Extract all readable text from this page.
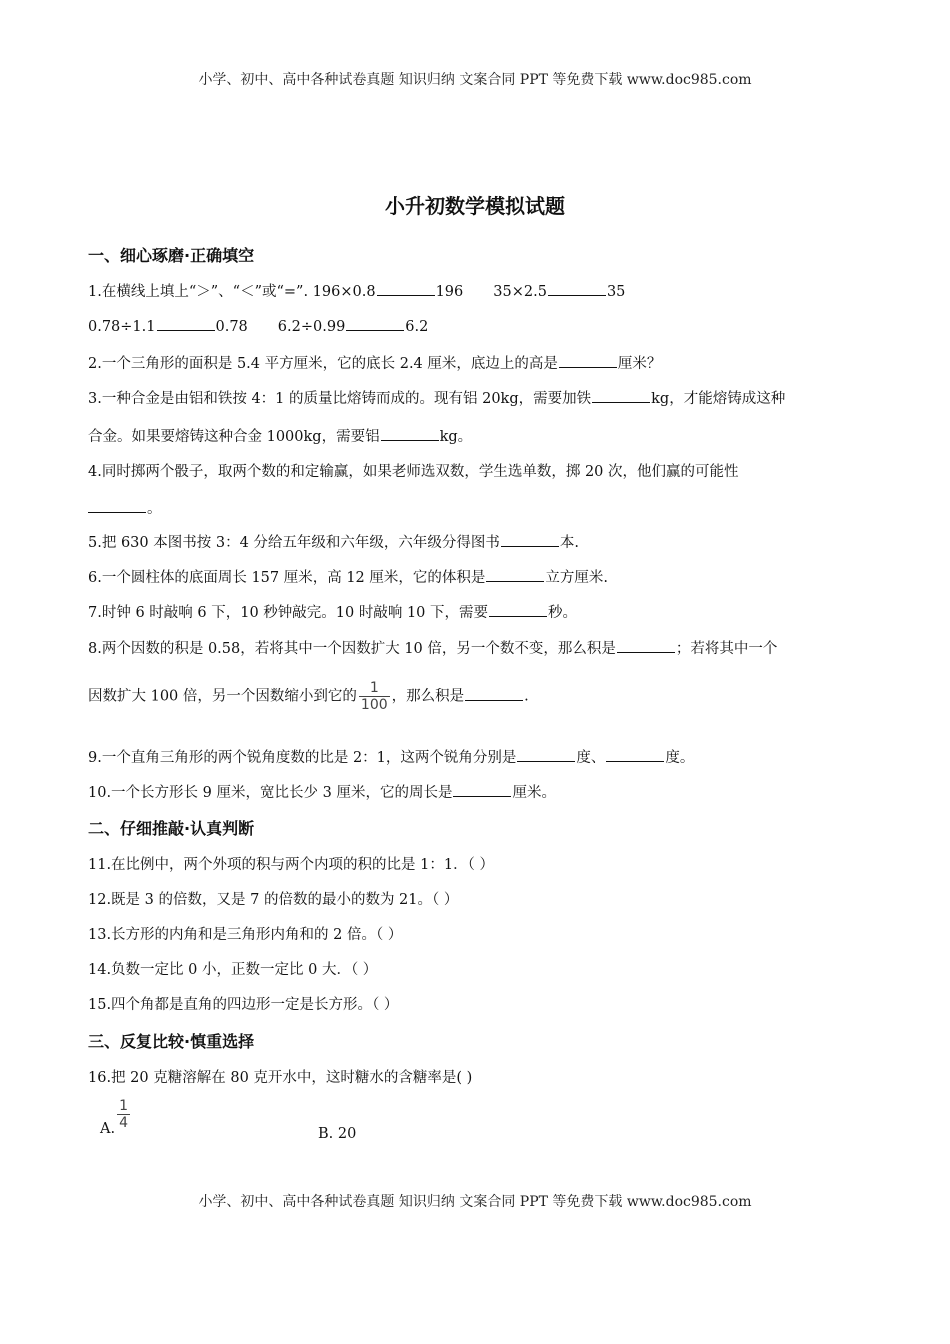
小学、初中、高中各种试卷真题 知识归纳 文案合同 PPT 等免费下载 www.doc985.com
小升初数学模拟试题
一、细心琢磨·正确填空
1.在横线上填上“＞”、“＜”或“=”. 196×0.8	196 35×2.5	35
0.78÷1.1	0.78 6.2÷0.99	6.2
2.一个三角形的面积是 5.4 平方厘米，它的底长 2.4 厘米，底边上的高是	厘米？
3.一种合金是由铝和铁按 4：1 的质量比熔铸而成的。现有铝 20kg，需要加铁	kg，才能熔铸成这种
合金。如果要熔铸这种合金 1000kg，需要铝	kg。
4.同时掷两个骰子，取两个数的和定输赢，如果老师选双数，学生选单数，掷 20 次，他们赢的可能性
。
5.把 630 本图书按 3：4 分给五年级和六年级，六年级分得图书	本.
6.一个圆柱体的底面周长 157 厘米，高 12 厘米，它的体积是	立方厘米.
7.时钟 6 时敲响 6 下，10 秒钟敲完。10 时敲响 10 下，需要	秒。
8.两个因数的积是 0.58，若将其中一个因数扩大 10 倍，另一个数不变，那么积是	；若将其中一个
因数扩大 100 倍，另一个因数缩小到它的 $\frac{1}{100}$ ，那么积是	.
9.一个直角三角形的两个锐角度数的比是 2：1，这两个锐角分别是	度、	度。
10.一个长方形长 9 厘米，宽比长少 3 厘米，它的周长是	厘米。
二、仔细推敲·认真判断
11.在比例中，两个外项的积与两个内项的积的比是 1：1．（ ）
12.既是 3 的倍数，又是 7 的倍数的最小的数为 21。（ ）
13.长方形的内角和是三角形内角和的 2 倍。（ ）
14.负数一定比 0 小，正数一定比 0 大．（ ）
15.四个角都是直角的四边形一定是长方形。（ ）
三、反复比较·慎重选择
16.把 20 克糖溶解在 80 克开水中，这时糖水的含糖率是( )
A. $\frac{1}{4}$
B. 20
小学、初中、高中各种试卷真题 知识归纳 文案合同 PPT 等免费下载 www.doc985.com
